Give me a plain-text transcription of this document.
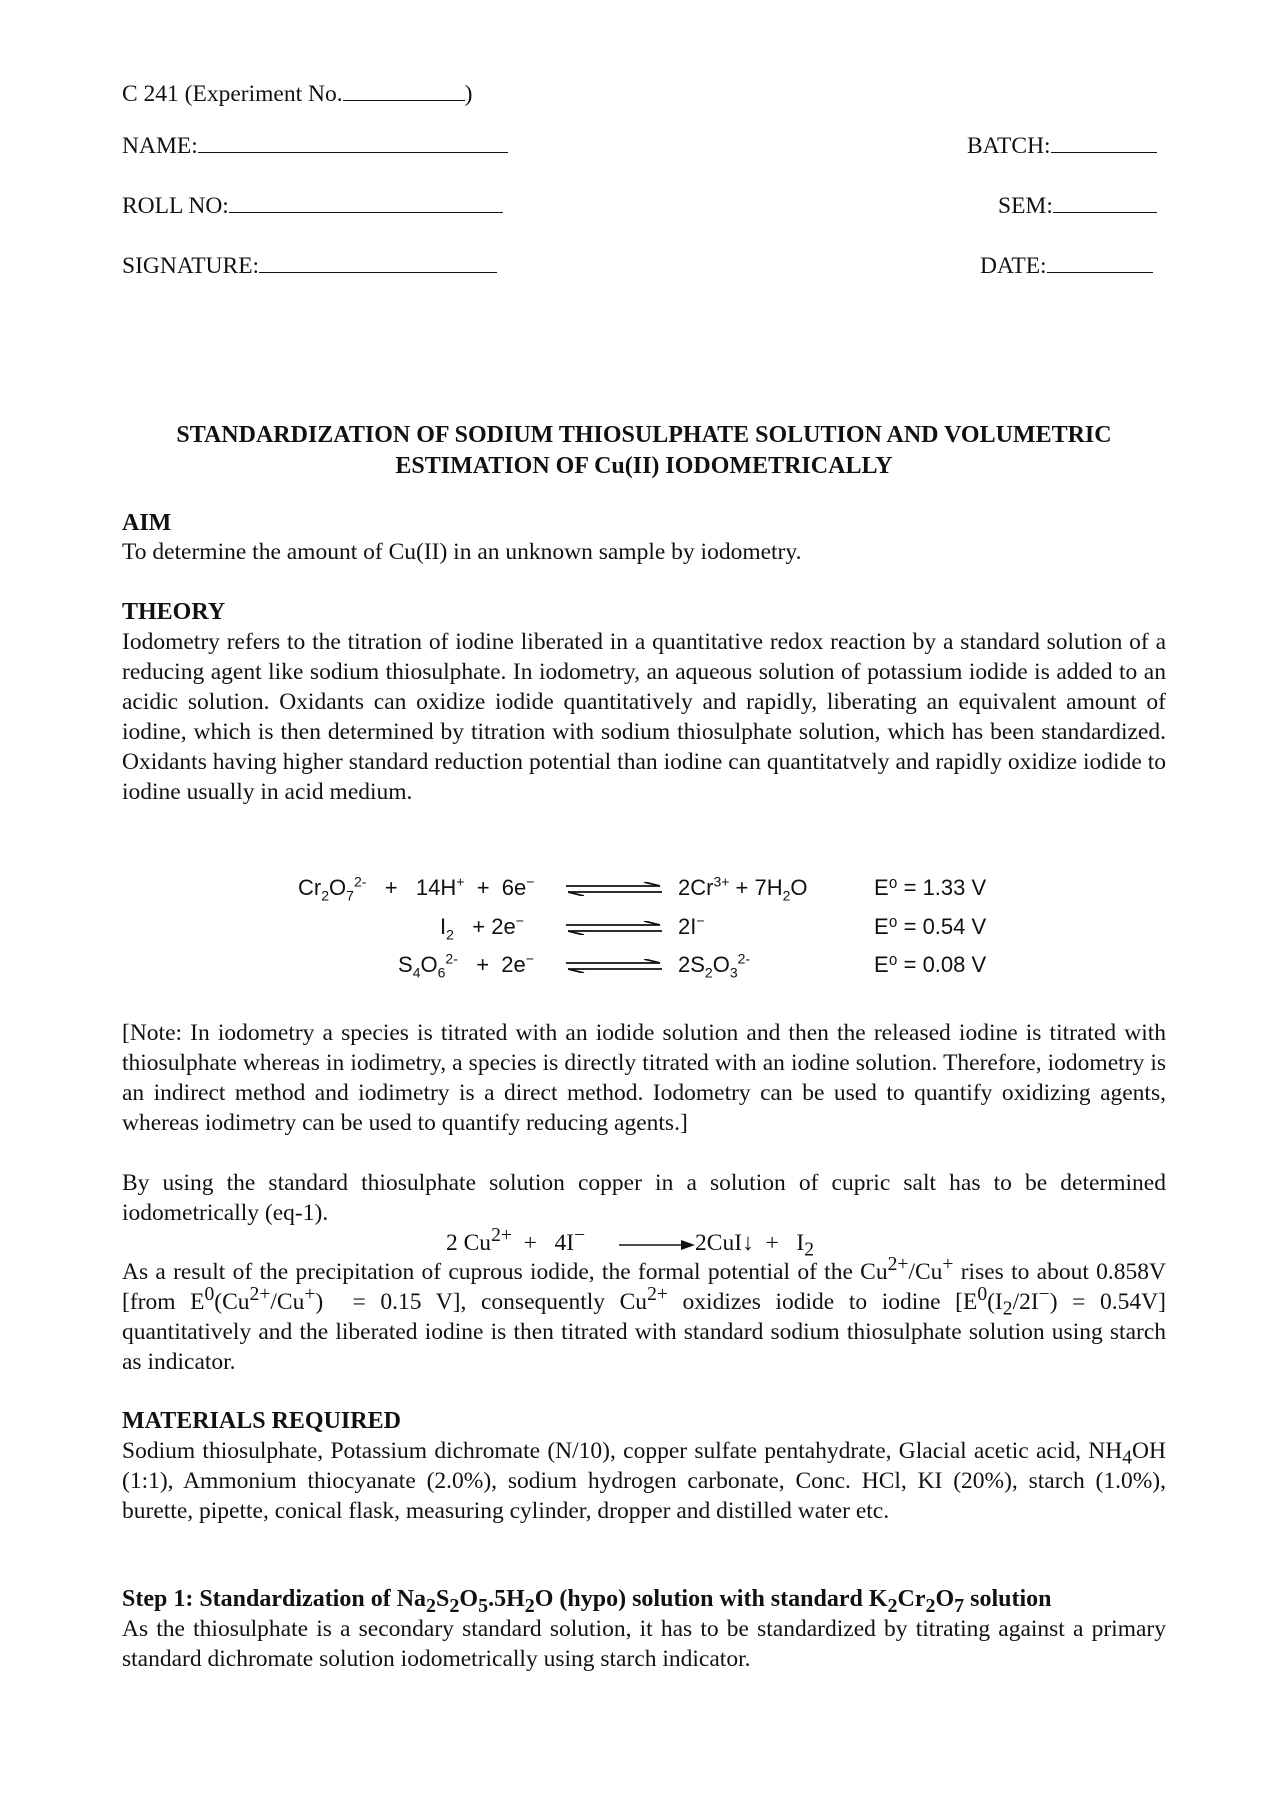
C 241 (Experiment No.	)
NAME:	BATCH:
ROLL NO:	SEM:
SIGNATURE:	DATE:
STANDARDIZATION OF SODIUM THIOSULPHATE SOLUTION AND VOLUMETRIC
ESTIMATION OF Cu(II) IODOMETRICALLY
AIM
To determine the amount of Cu(II) in an unknown sample by iodometry.
THEORY
Iodometry refers to the titration of iodine liberated in a quantitative redox reaction by a standard solution of a reducing agent like sodium thiosulphate. In iodometry, an aqueous solution of potassium iodide is added to an acidic solution. Oxidants can oxidize iodide quantitatively and rapidly, liberating an equivalent amount of iodine, which is then determined by titration with sodium thiosulphate solution, which has been standardized. Oxidants having higher standard reduction potential than iodine can quantitatvely and rapidly oxidize iodide to iodine usually in acid medium.
$Cr_2O_7^{2-} + 14H^+ + 6e^-$	$2Cr^{3+} + 7H_2O$	E⁰ = 1.33 V
$I_2 + 2e^-$	2I−	E⁰ = 0.54 V
$S_4O_6^{2-} + 2e^-$	$2S_2O_3^{2-}$	E⁰ = 0.08 V
[Note: In iodometry a species is titrated with an iodide solution and then the released iodine is titrated with thiosulphate whereas in iodimetry, a species is directly titrated with an iodine solution. Therefore, iodometry is an indirect method and iodimetry is a direct method. Iodometry can be used to quantify oxidizing agents, whereas iodimetry can be used to quantify reducing agents.]
By using the standard thiosulphate solution copper in a solution of cupric salt has to be determined iodometrically (eq-1).
2 $Cu^{2+} + 4I^-$ →2CuI↓  +   $I_2$
As a result of the precipitation of cuprous iodide, the formal potential of the $Cu^{2+}/Cu^+$ rises to about 0.858V [from $E^0(Cu^{2+}/Cu^+) = 0.15$ V], consequently $Cu^{2+}$ oxidizes iodide to iodine $[E^0(I_2/2I^-) = 0.54V]$ quantitatively and the liberated iodine is then titrated with standard sodium thiosulphate solution using starch as indicator.
MATERIALS REQUIRED
Sodium thiosulphate, Potassium dichromate (N/10), copper sulfate pentahydrate, Glacial acetic acid, $NH_4OH$ (1:1), Ammonium thiocyanate (2.0%), sodium hydrogen carbonate, Conc. HCl, KI (20%), starch (1.0%), burette, pipette, conical flask, measuring cylinder, dropper and distilled water etc.
Step 1: Standardization of $Na_2S_2O_5.5H_2O$ (hypo) solution with standard $K_2Cr_2O_7$ solution
As the thiosulphate is a secondary standard solution, it has to be standardized by titrating against a primary standard dichromate solution iodometrically using starch indicator.
